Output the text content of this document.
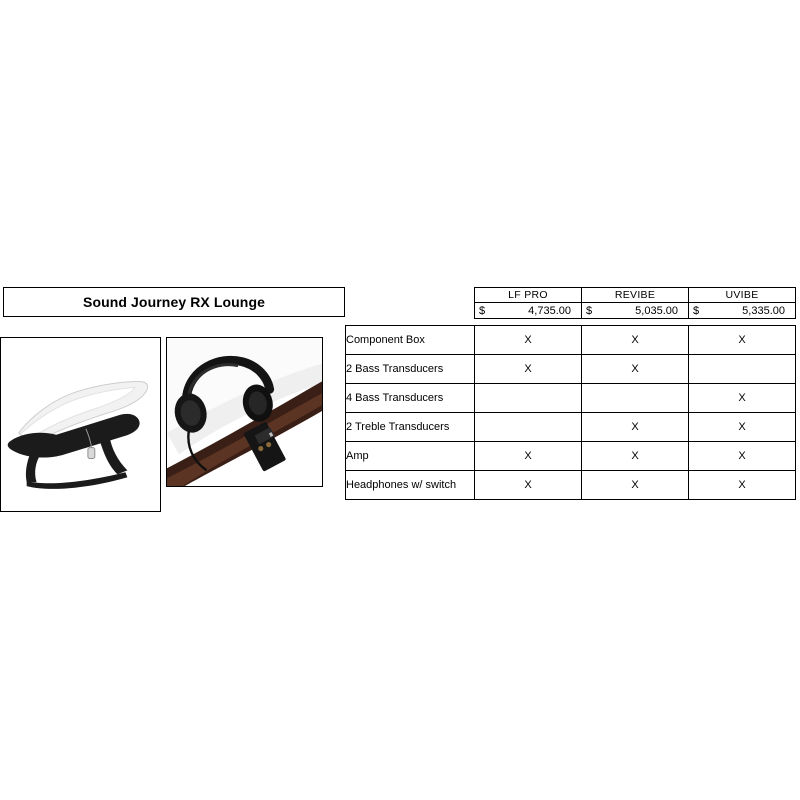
Sound Journey RX Lounge
		LF PRO	REVIBE	UVIBE

	$ 4,735.00	$ 5,035.00	$ 5,335.00

Component Box	X	X	X
2 Bass Transducers	X	X	
4 Bass Transducers			X
2 Treble Transducers		X	X
Amp	X	X	X
Headphones w/ switch	X	X	X
